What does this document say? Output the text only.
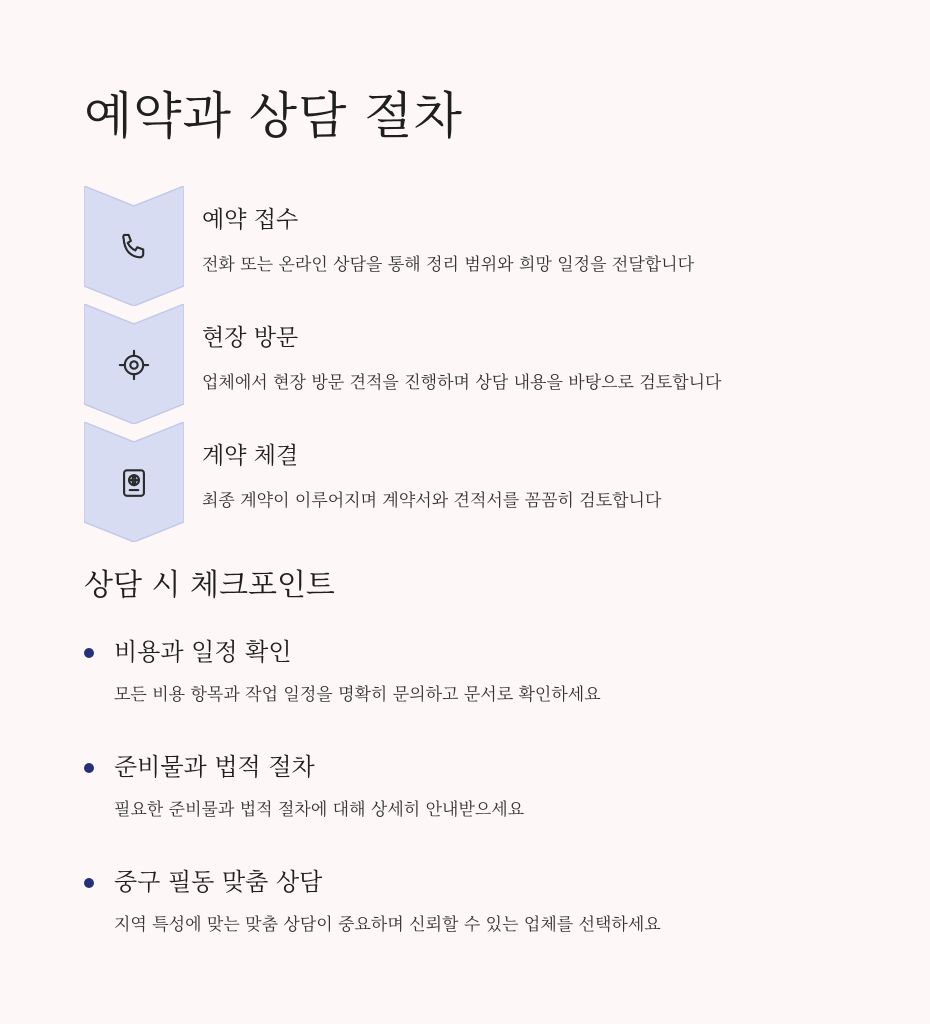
예약과 상담 절차
예약 접수
전화 또는 온라인 상담을 통해 정리 범위와 희망 일정을 전달합니다
현장 방문
업체에서 현장 방문 견적을 진행하며 상담 내용을 바탕으로 검토합니다
계약 체결
최종 계약이 이루어지며 계약서와 견적서를 꼼꼼히 검토합니다
상담 시 체크포인트
비용과 일정 확인
모든 비용 항목과 작업 일정을 명확히 문의하고 문서로 확인하세요
준비물과 법적 절차
필요한 준비물과 법적 절차에 대해 상세히 안내받으세요
중구 필동 맞춤 상담
지역 특성에 맞는 맞춤 상담이 중요하며 신뢰할 수 있는 업체를 선택하세요
